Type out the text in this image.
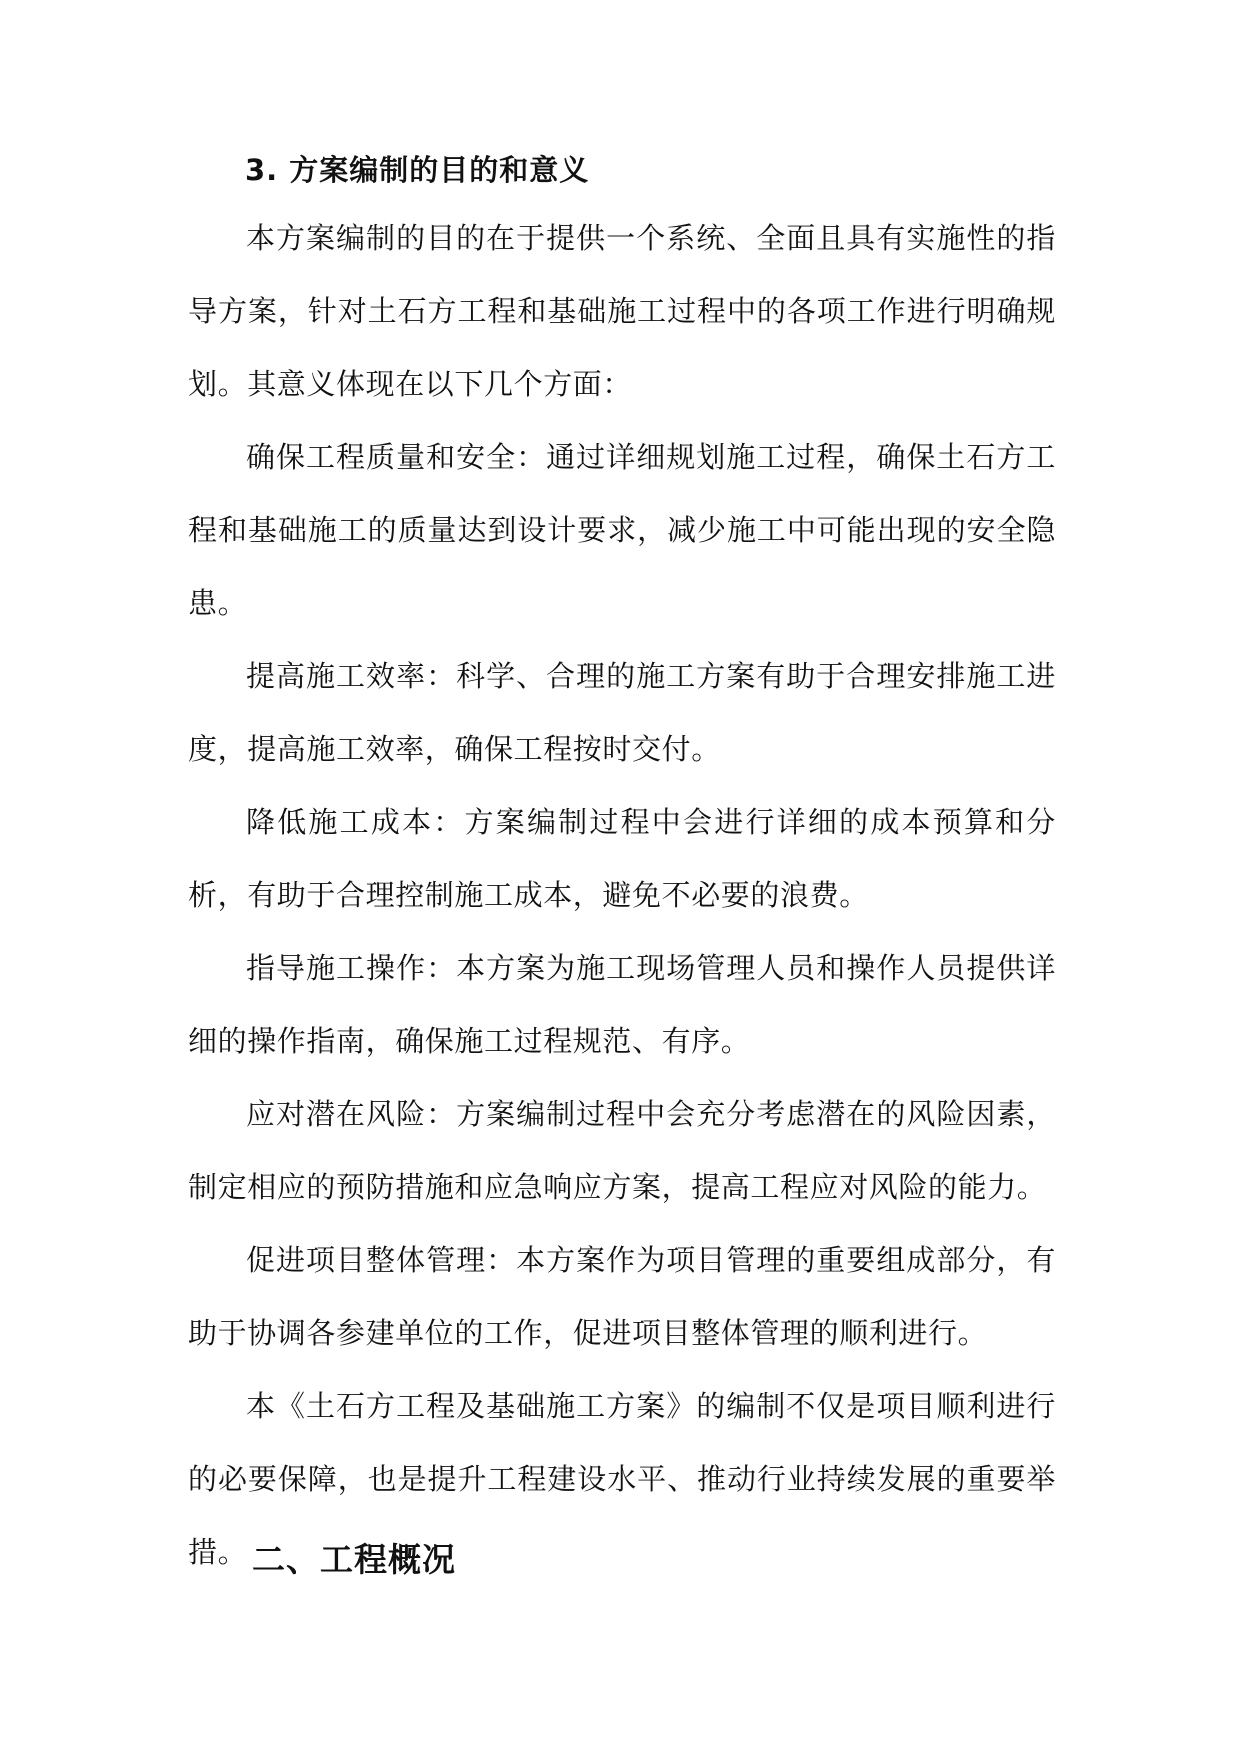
3. 方案编制的目的和意义

本方案编制的目的在于提供一个系统、全面且具有实施性的指导方案，针对土石方工程和基础施工过程中的各项工作进行明确规划。其意义体现在以下几个方面：

确保工程质量和安全：通过详细规划施工过程，确保土石方工程和基础施工的质量达到设计要求，减少施工中可能出现的安全隐患。

提高施工效率：科学、合理的施工方案有助于合理安排施工进度，提高施工效率，确保工程按时交付。

降低施工成本：方案编制过程中会进行详细的成本预算和分析，有助于合理控制施工成本，避免不必要的浪费。

指导施工操作：本方案为施工现场管理人员和操作人员提供详细的操作指南，确保施工过程规范、有序。

应对潜在风险：方案编制过程中会充分考虑潜在的风险因素，制定相应的预防措施和应急响应方案，提高工程应对风险的能力。

促进项目整体管理：本方案作为项目管理的重要组成部分，有助于协调各参建单位的工作，促进项目整体管理的顺利进行。

本《土石方工程及基础施工方案》的编制不仅是项目顺利进行的必要保障，也是提升工程建设水平、推动行业持续发展的重要举措。 二、工程概况
